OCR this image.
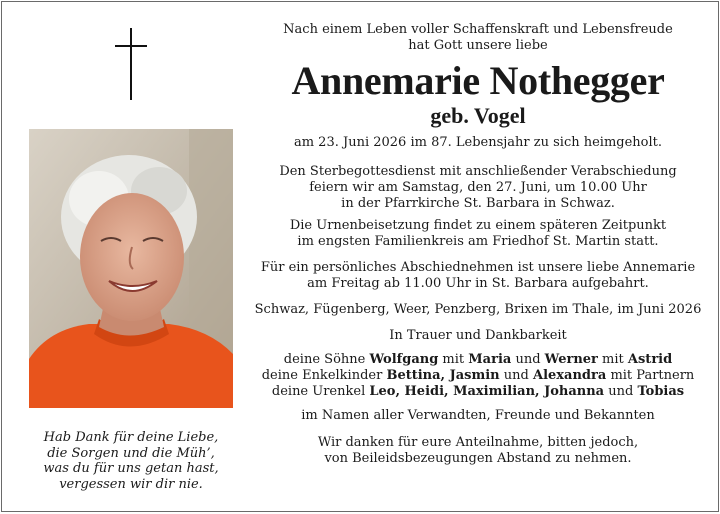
Hab Dank für deine Liebe,
die Sorgen und die Müh’,
was du für uns getan hast,
vergessen wir dir nie.
Nach einem Leben voller Schaffenskraft und Lebensfreude
hat Gott unsere liebe
Annemarie Nothegger
geb. Vogel
am 23. Juni 2026 im 87. Lebensjahr zu sich heimgeholt.
Den Sterbegottesdienst mit anschließender Verabschiedung
feiern wir am Samstag, den 27. Juni, um 10.00 Uhr
in der Pfarrkirche St. Barbara in Schwaz.
Die Urnenbeisetzung findet zu einem späteren Zeitpunkt
im engsten Familienkreis am Friedhof St. Martin statt.
Für ein persönliches Abschiednehmen ist unsere liebe Annemarie
am Freitag ab 11.00 Uhr in St. Barbara aufgebahrt.
Schwaz, Fügenberg, Weer, Penzberg, Brixen im Thale, im Juni 2026
In Trauer und Dankbarkeit
deine Söhne Wolfgang mit Maria und Werner mit Astrid
deine Enkelkinder Bettina, Jasmin und Alexandra mit Partnern
deine Urenkel Leo, Heidi, Maximilian, Johanna und Tobias
im Namen aller Verwandten, Freunde und Bekannten
Wir danken für eure Anteilnahme, bitten jedoch,
von Beileidsbezeugungen Abstand zu nehmen.
